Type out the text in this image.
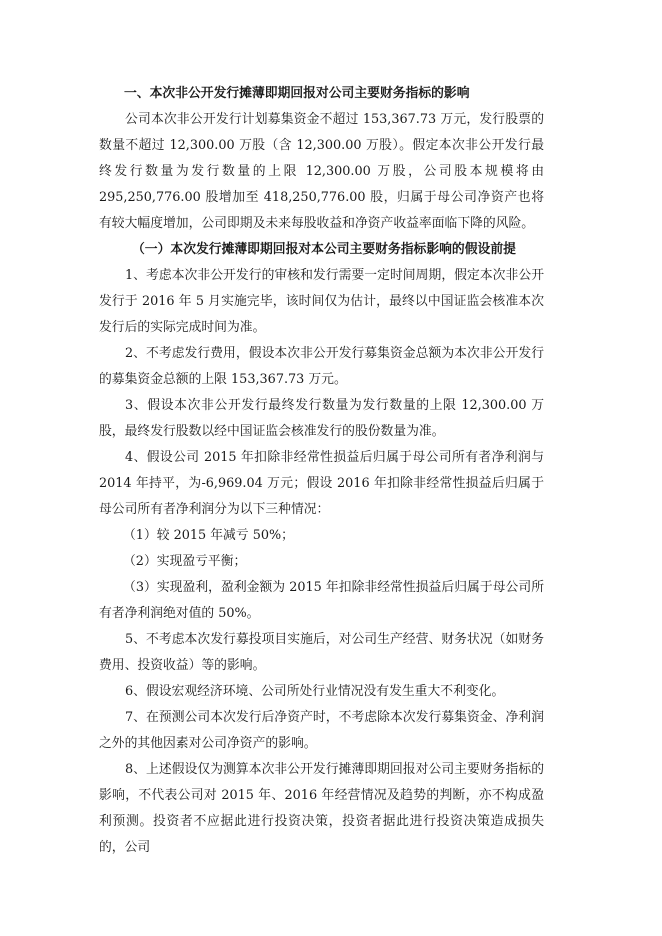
一、本次非公开发行摊薄即期回报对公司主要财务指标的影响

公司本次非公开发行计划募集资金不超过 153,367.73 万元，发行股票的数量不超过 12,300.00 万股（含 12,300.00 万股）。假定本次非公开发行最终发行数量为发行数量的上限 12,300.00 万股，公司股本规模将由 295,250,776.00 股增加至 418,250,776.00 股，归属于母公司净资产也将有较大幅度增加，公司即期及未来每股收益和净资产收益率面临下降的风险。

（一）本次发行摊薄即期回报对本公司主要财务指标影响的假设前提

1、考虑本次非公开发行的审核和发行需要一定时间周期，假定本次非公开发行于 2016 年 5 月实施完毕，该时间仅为估计，最终以中国证监会核准本次发行后的实际完成时间为准。

2、不考虑发行费用，假设本次非公开发行募集资金总额为本次非公开发行的募集资金总额的上限 153,367.73 万元。

3、假设本次非公开发行最终发行数量为发行数量的上限 12,300.00 万股，最终发行股数以经中国证监会核准发行的股份数量为准。

4、假设公司 2015 年扣除非经常性损益后归属于母公司所有者净利润与 2014 年持平，为-6,969.04 万元；假设 2016 年扣除非经常性损益后归属于母公司所有者净利润分为以下三种情况：

（1）较 2015 年减亏 50%；

（2）实现盈亏平衡；

（3）实现盈利，盈利金额为 2015 年扣除非经常性损益后归属于母公司所有者净利润绝对值的 50%。

5、不考虑本次发行募投项目实施后，对公司生产经营、财务状况（如财务费用、投资收益）等的影响。

6、假设宏观经济环境、公司所处行业情况没有发生重大不利变化。

7、在预测公司本次发行后净资产时，不考虑除本次发行募集资金、净利润之外的其他因素对公司净资产的影响。

8、上述假设仅为测算本次非公开发行摊薄即期回报对公司主要财务指标的影响，不代表公司对 2015 年、2016 年经营情况及趋势的判断，亦不构成盈利预测。投资者不应据此进行投资决策，投资者据此进行投资决策造成损失的，公司
